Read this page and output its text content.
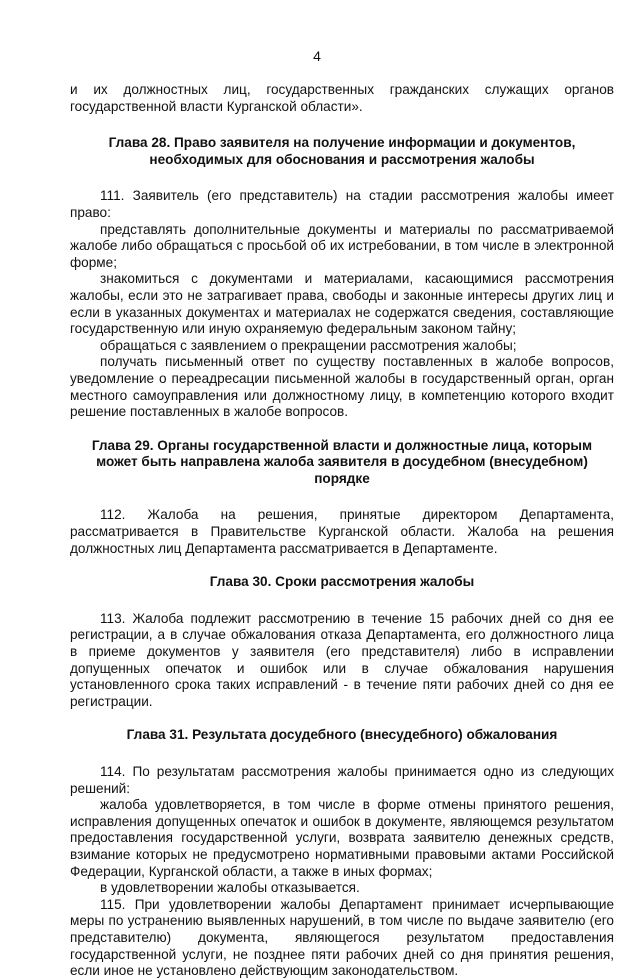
4
и их должностных лиц, государственных гражданских служащих органов государственной власти Курганской области».
Глава 28. Право заявителя на получение информации и документов, необходимых для обоснования и рассмотрения жалобы
111. Заявитель (его представитель) на стадии рассмотрения жалобы имеет право:
представлять дополнительные документы и материалы по рассматриваемой жалобе либо обращаться с просьбой об их истребовании, в том числе в электронной форме;
знакомиться с документами и материалами, касающимися рассмотрения жалобы, если это не затрагивает права, свободы и законные интересы других лиц и если в указанных документах и материалах не содержатся сведения, составляющие государственную или иную охраняемую федеральным законом тайну;
обращаться с заявлением о прекращении рассмотрения жалобы;
получать письменный ответ по существу поставленных в жалобе вопросов, уведомление о переадресации письменной жалобы в государственный орган, орган местного самоуправления или должностному лицу, в компетенцию которого входит решение поставленных в жалобе вопросов.
Глава 29. Органы государственной власти и должностные лица, которым может быть направлена жалоба заявителя в досудебном (внесудебном) порядке
112. Жалоба на решения, принятые директором Департамента, рассматривается в Правительстве Курганской области. Жалоба на решения должностных лиц Департамента рассматривается в Департаменте.
Глава 30. Сроки рассмотрения жалобы
113. Жалоба подлежит рассмотрению в течение 15 рабочих дней со дня ее регистрации, а в случае обжалования отказа Департамента, его должностного лица в приеме документов у заявителя (его представителя) либо в исправлении допущенных опечаток и ошибок или в случае обжалования нарушения установленного срока таких исправлений - в течение пяти рабочих дней со дня ее регистрации.
Глава 31. Результата досудебного (внесудебного) обжалования
114. По результатам рассмотрения жалобы принимается одно из следующих решений:
жалоба удовлетворяется, в том числе в форме отмены принятого решения, исправления допущенных опечаток и ошибок в документе, являющемся результатом предоставления государственной услуги, возврата заявителю денежных средств, взимание которых не предусмотрено нормативными правовыми актами Российской Федерации, Курганской области, а также в иных формах;
в удовлетворении жалобы отказывается.
115. При удовлетворении жалобы Департамент принимает исчерпывающие меры по устранению выявленных нарушений, в том числе по выдаче заявителю (его представителю) документа, являющегося результатом предоставления государственной услуги, не позднее пяти рабочих дней со дня принятия решения, если иное не установлено действующим законодательством.
